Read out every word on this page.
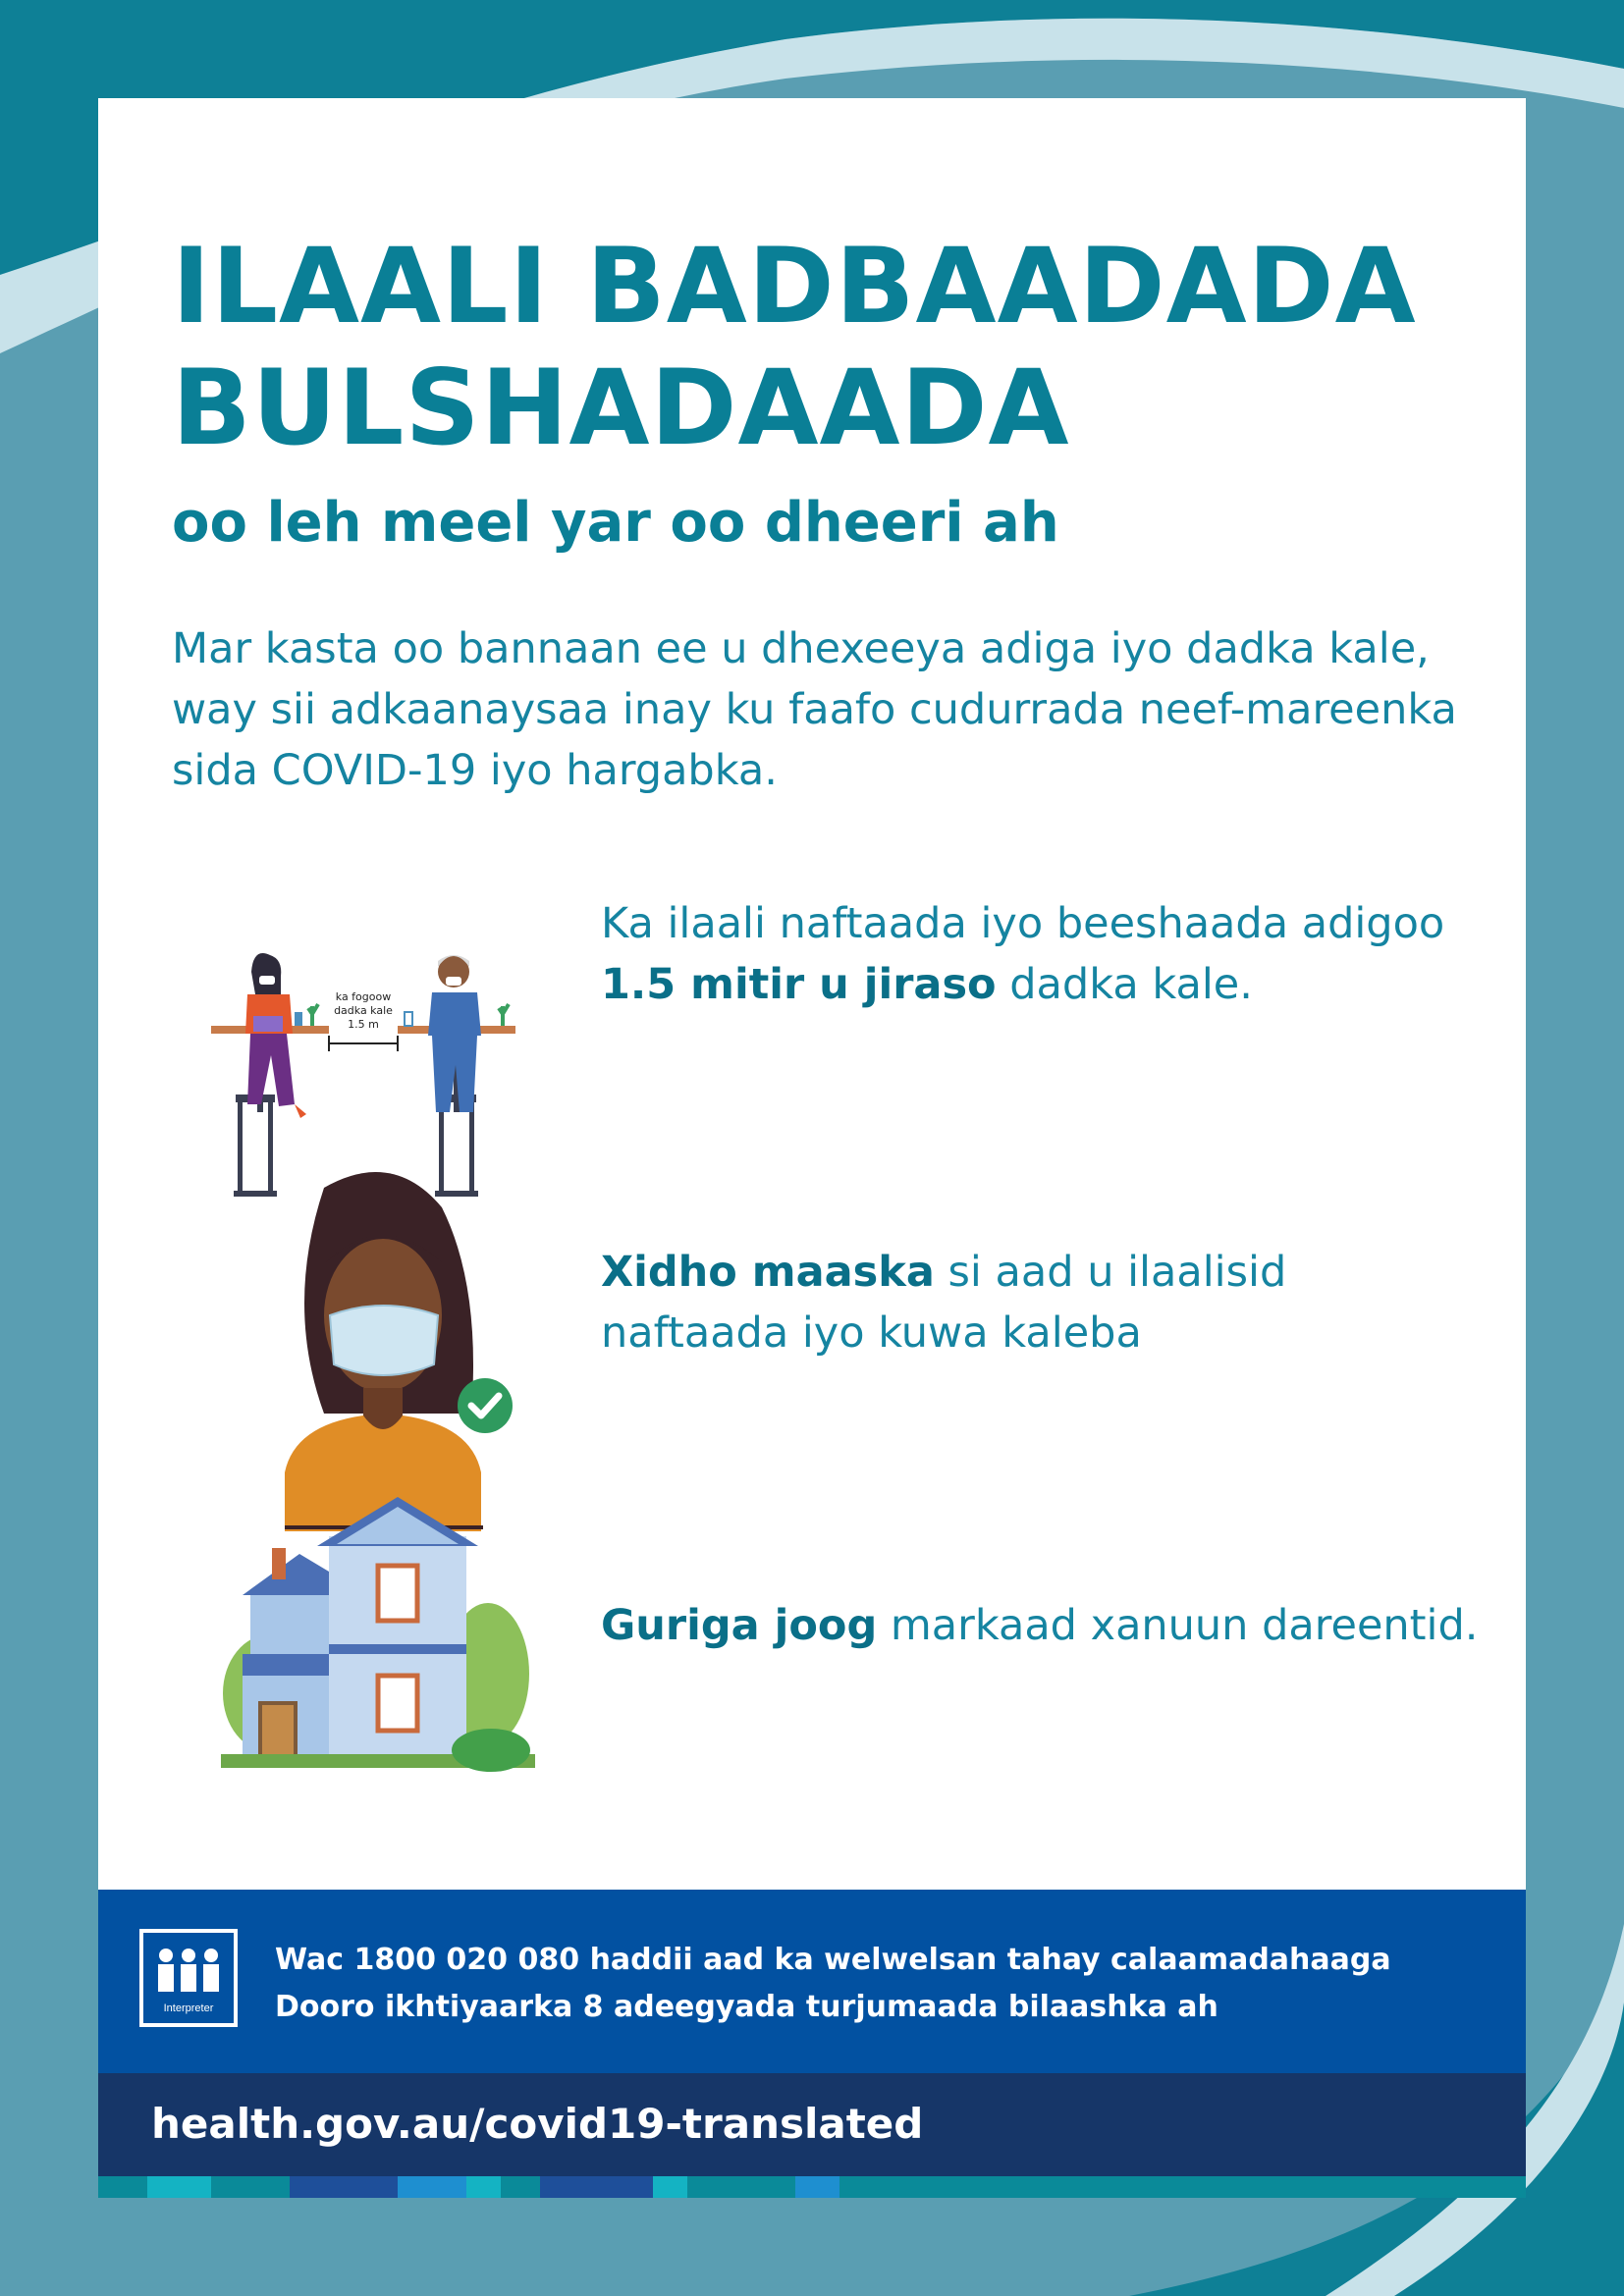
ILAALI BADBAADADA
BULSHADAADA
oo leh meel yar oo dheeri ah

Mar kasta oo bannaan ee u dhexeeya adiga iyo dadka kale, way sii adkaanaysaa inay ku faafo cudurrada neef-mareenka sida COVID-19 iyo hargabka.

ka fogoow
dadka kale
1.5 m

Ka ilaali naftaada iyo beeshaada adigoo 1.5 mitir u jiraso dadka kale.

Xidho maaska si aad u ilaalisid naftaada iyo kuwa kaleba

Guriga joog markaad xanuun dareentid.

Interpreter

Wac 1800 020 080 haddii aad ka welwelsan tahay calaamadahaaga

Dooro ikhtiyaarka 8 adeegyada turjumaada bilaashka ah

health.gov.au/covid19-translated
